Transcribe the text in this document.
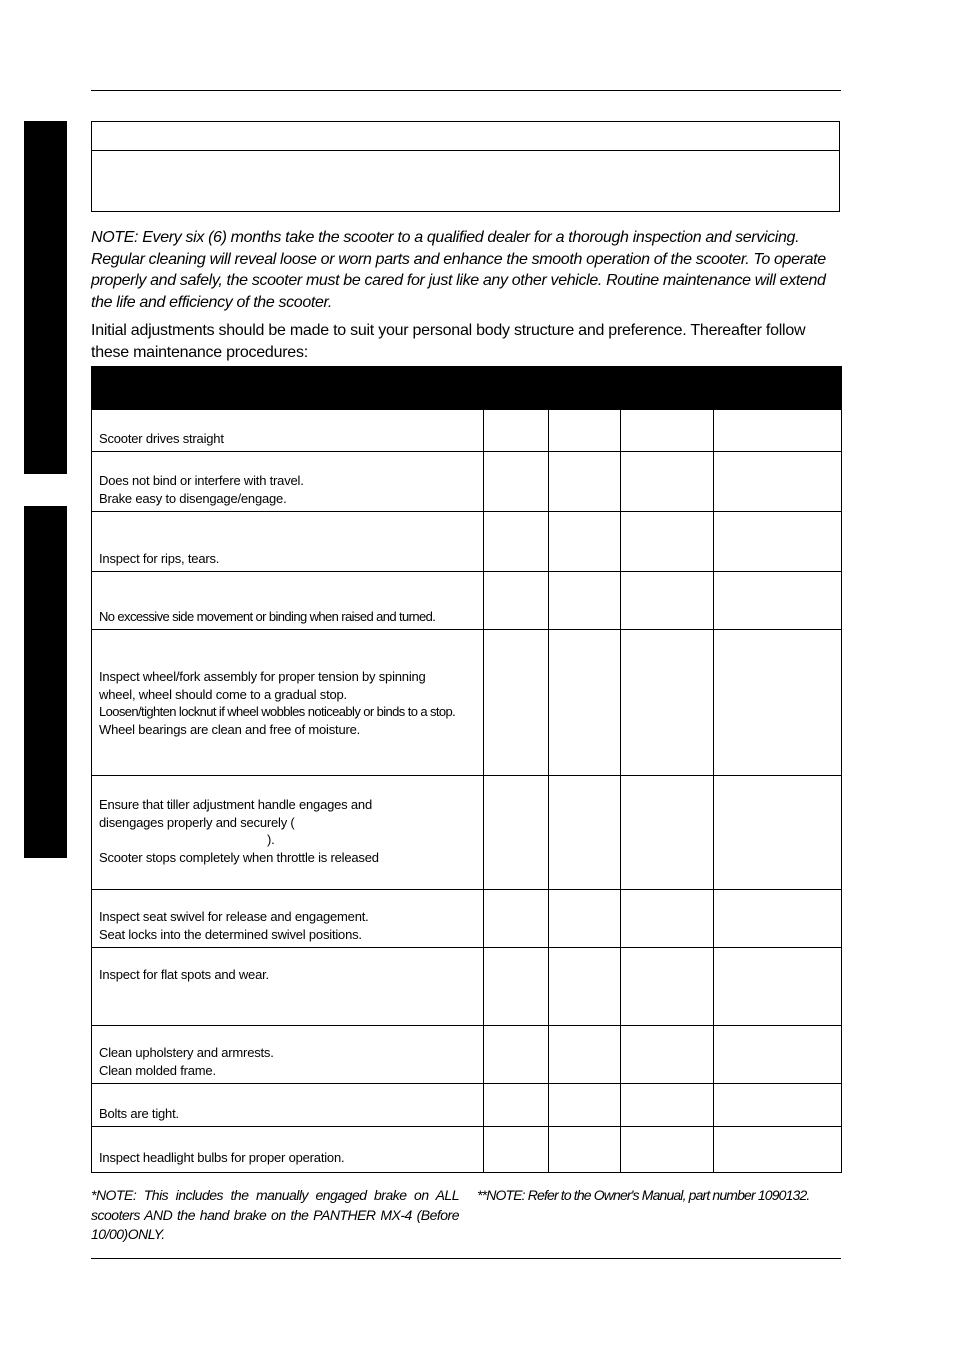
NOTE: Every six (6) months take the scooter to a qualified dealer for a thorough inspection and servicing. Regular cleaning will reveal loose or worn parts and enhance the smooth operation of the scooter. To operate properly and safely, the scooter must be cared for just like any other vehicle. Routine maintenance will extend the life and efficiency of the scooter.

Initial adjustments should be made to suit your personal body structure and preference. Thereafter follow these maintenance procedures:

Scooter drives straight				

Does not bind or interfere with travel.
Brake easy to disengage/engage.				

Inspect for rips, tears.				

No excessive side movement or binding when raised and turned.				

Inspect wheel/fork assembly for proper tension by spinning
wheel, wheel should come to a gradual stop.
Loosen/tighten locknut if wheel wobbles noticeably or binds to a stop.
Wheel bearings are clean and free of moisture.				

Ensure that tiller adjustment handle engages and
disengages properly and securely (
).
Scooter stops completely when throttle is released				

Inspect seat swivel for release and engagement.
Seat locks into the determined swivel positions.				

Inspect for flat spots and wear.				

Clean upholstery and armrests.
Clean molded frame.				

Bolts are tight.				

Inspect headlight bulbs for proper operation.				

*NOTE: This includes the manually engaged brake on ALL scooters AND the hand brake on the PANTHER MX-4 (Before 10/00)ONLY.

**NOTE: Refer to the Owner's Manual, part number 1090132.
